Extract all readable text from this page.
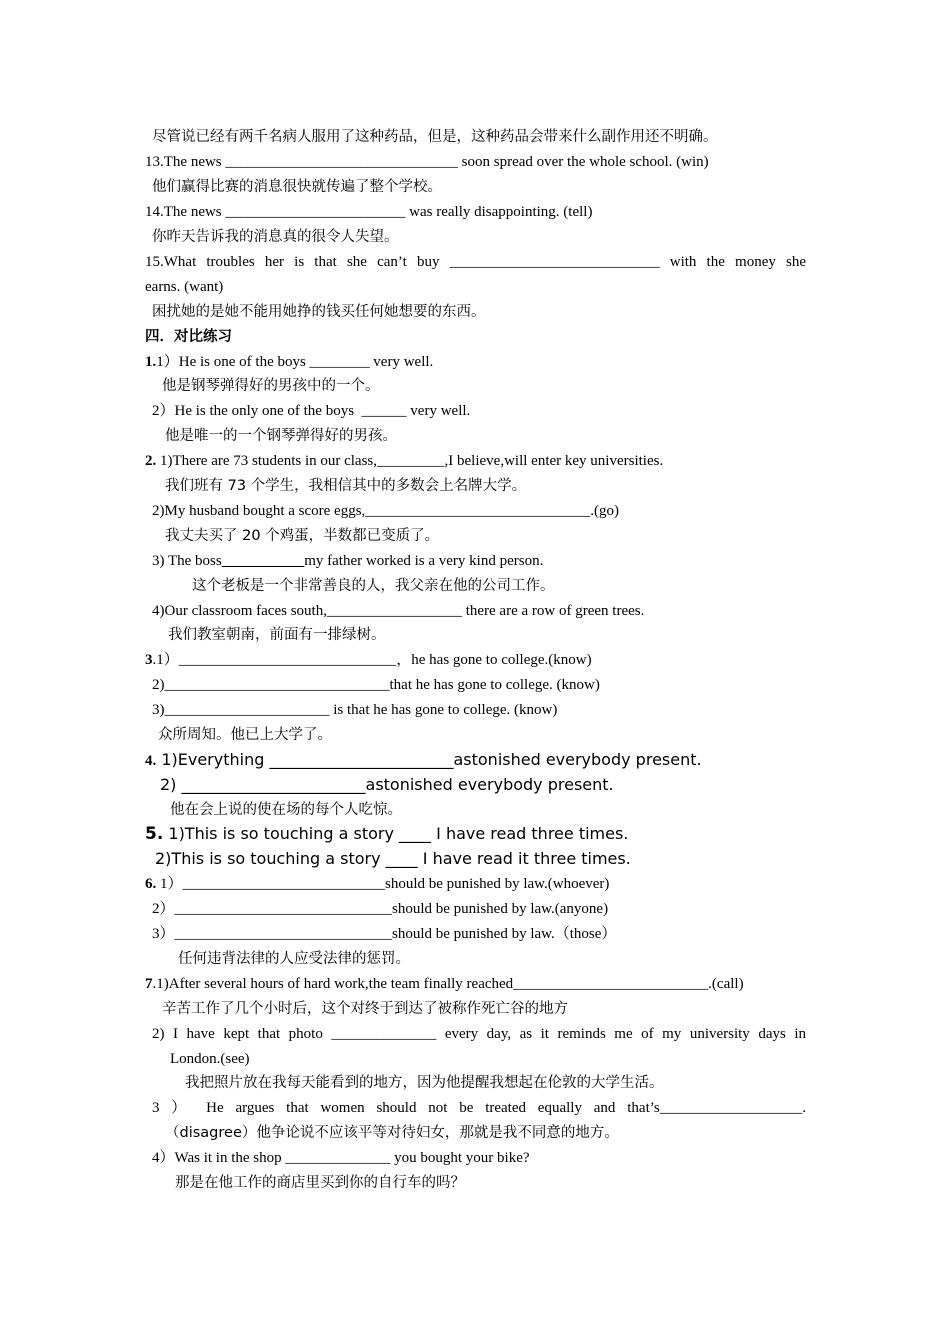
尽管说已经有两千名病人服用了这种药品，但是，这种药品会带来什么副作用还不明确。
13.The news _______________________________ soon spread over the whole school. (win)
他们赢得比赛的消息很快就传遍了整个学校。
14.The news ________________________ was really disappointing. (tell)
你昨天告诉我的消息真的很令人失望。
15.What troubles her is that she can’t buy ____________________________ with the money she
earns. (want)
困扰她的是她不能用她挣的钱买任何她想要的东西。
四．对比练习
1.1）He is one of the boys ________ very well.
他是钢琴弹得好的男孩中的一个。
2）He is the only one of the boys  ______ very well.
他是唯一的一个钢琴弹得好的男孩。
2. 1)There are 73 students in our class,_________,I believe,will enter key universities.
我们班有 73 个学生，我相信其中的多数会上名牌大学。
2)My husband bought a score eggs,______________________________.(go)
我丈夫买了 20 个鸡蛋，半数都已变质了。
3) The boss___________my father worked is a very kind person.
这个老板是一个非常善良的人，我父亲在他的公司工作。
4)Our classroom faces south,__________________ there are a row of green trees.
我们教室朝南，前面有一排绿树。
3.1）_____________________________，he has gone to college.(know)
2)______________________________that he has gone to college. (know)
3)______________________ is that he has gone to college. (know)
众所周知。他已上大学了。
4. 1)Everything _______________________astonished everybody present.
2) _______________________astonished everybody present.
他在会上说的使在场的每个人吃惊。
5. 1)This is so touching a story ____ I have read three times.
2)This is so touching a story ____ I have read it three times.
6. 1）___________________________should be punished by law.(whoever)
2）_____________________________should be punished by law.(anyone)
3）_____________________________should be punished by law.（those）
任何违背法律的人应受法律的惩罚。
7.1)After several hours of hard work,the team finally reached__________________________.(call)
辛苦工作了几个小时后，这个对终于到达了被称作死亡谷的地方
2) I have kept that photo ______________ every day, as it reminds me of my university days in
London.(see)
我把照片放在我每天能看到的地方，因为他提醒我想起在伦敦的大学生活。
3 ） He argues that women should not be treated equally and that’s___________________.
（disagree）他争论说不应该平等对待妇女，那就是我不同意的地方。
4）Was it in the shop ______________ you bought your bike?
那是在他工作的商店里买到你的自行车的吗？
